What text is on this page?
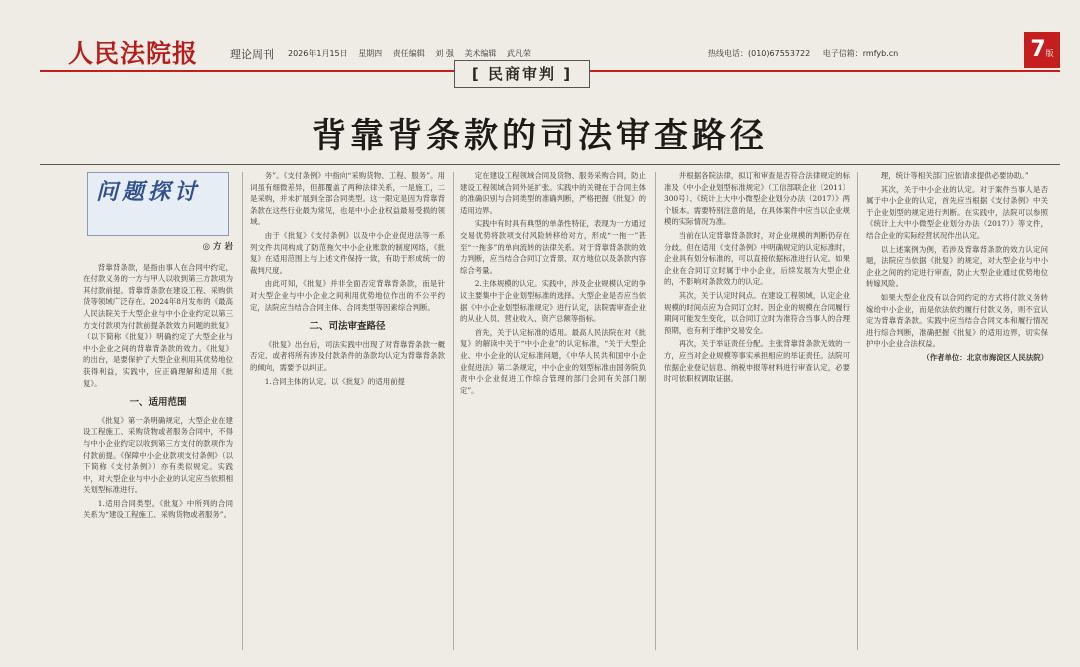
人民法院报	理论周刊 2026年1月15日 星期四 责任编辑 刘 强 美术编辑 武凡荣	热线电话：(010)67553722 电子信箱：rmfyb.cn	7版
[ 民商审判 ]
背靠背条款的司法审查路径
问题探讨
◎ 方 岩

背靠背条款，是指由事人在合同中约定，在付款义务的一方与甲人以收到第三方款项为其付款前提。背靠背条款在建设工程、采购供货等领域广泛存在。2024年8月发布的《最高人民法院关于大型企业与中小企业约定以第三方支付款项为付款前提条款效力问题的批复》（以下简称《批复》）明确约定了大型企业与中小企业之间的背靠背条款的效力。《批复》的出台，是要保护了大型企业利用其优势地位获得利益，实践中，应正确理解和适用《批复》。

一、适用范围

《批复》第一条明确规定，大型企业在建设工程施工、采购货物或者服务合同中，不得与中小企业约定以收到第三方支付的款项作为付款前提。《保障中小企业款项支付条例》（以下简称《支付条例》）亦有类似规定。实践中，对大型企业与中小企业的认定应当依照相关划型标准进行。

1.适用合同类型。《批复》中所列的合同关系为“建设工程施工、采购货物或者服务”。

务”。《支付条例》中指向“采购货物、工程、服务”。用词虽有细微差异，但都覆盖了两种法律关系，一是施工，二是采购，并未扩展到全部合同类型。这一限定是因为背靠背条款在这些行业最为常见，也是中小企业权益最易受损的领域。

由于《批复》《支付条例》以及中小企业促进法等一系列文件共同构成了防范拖欠中小企业账款的制度网络，《批复》在适用范围上与上述文件保持一致，有助于形成统一的裁判尺度。

由此可知，《批复》并非全面否定背靠背条款，而是针对大型企业与中小企业之间利用优势地位作出的不公平约定，法院应当结合合同主体、合同类型等因素综合判断。

二、司法审查路径

《批复》出台后，司法实践中出现了对背靠背条款一概否定、或者将所有涉及付款条件的条款均认定为背靠背条款的倾向，需要予以纠正。

1.合同主体的认定。以《批复》的适用前提

定在建设工程领域合同及货物、服务采购合同，防止建设工程领域合同外延扩张。实践中的关键在于合同主体的准确识别与合同类型的准确判断，严格把握《批复》的适用边界。

实践中有时具有典型的单条性特征，表现为一方通过交易优势将款项支付风险转移给对方，形成“一拖一”甚至“一拖多”的单向流转的法律关系。对于背靠背条款的效力判断，应当结合合同订立背景、双方地位以及条款内容综合考量。

2.主体规模的认定。实践中，涉及企业规模认定的争议主要集中于企业划型标准的选择。大型企业是否应当依据《中小企业划型标准规定》进行认定，法院需审查企业的从业人员、营业收入、资产总额等指标。

首先，关于认定标准的适用。最高人民法院在对《批复》的解读中关于“中小企业”的认定标准，“关于大型企业、中小企业的认定标准问题，《中华人民共和国中小企业促进法》第二条规定，中小企业的划型标准由国务院负责中小企业促进工作综合管理的部门会同有关部门制定”。

并根据各院法律，拟订和审查是否符合法律规定的标准及《中小企业划型标准规定》（工信部联企业〔2011〕300号）、《统计上大中小微型企业划分办法（2017）》两个版本。需要特别注意的是，在具体案件中应当以企业规模的实际情况为准。

当前在认定背靠背条款时，对企业规模的判断仍存在分歧。但在适用《支付条例》中明确规定的认定标准时，企业具有划分标准的，可以直接依据标准进行认定。如果企业在合同订立时属于中小企业，后续发展为大型企业的，不影响对条款效力的认定。

其次，关于认定时间点。在建设工程领域，认定企业规模的时间点应为合同订立时。因企业的规模在合同履行期间可能发生变化，以合同订立时为准符合当事人的合理预期，也有利于维护交易安全。

再次，关于举证责任分配。主张背靠背条款无效的一方，应当对企业规模等事实承担相应的举证责任。法院可依据企业登记信息、纳税申报等材料进行审查认定，必要时可依职权调取证据。

理，统计等相关部门应依请求提供必要协助。”

其次，关于中小企业的认定。对于案件当事人是否属于中小企业的认定，首先应当根据《支付条例》中关于企业划型的规定进行判断。在实践中，法院可以参照《统计上大中小微型企业划分办法（2017）》等文件，结合企业的实际经营状况作出认定。

以上述案例为例，若涉及背靠背条款的效力认定问题，法院应当依据《批复》的规定，对大型企业与中小企业之间的约定进行审查，防止大型企业通过优势地位转嫁风险。

如果大型企业没有以合同约定的方式将付款义务转嫁给中小企业，而是依法依约履行付款义务，则不宜认定为背靠背条款。实践中应当结合合同文本和履行情况进行综合判断，准确把握《批复》的适用边界，切实保护中小企业合法权益。

（作者单位：北京市海淀区人民法院）
